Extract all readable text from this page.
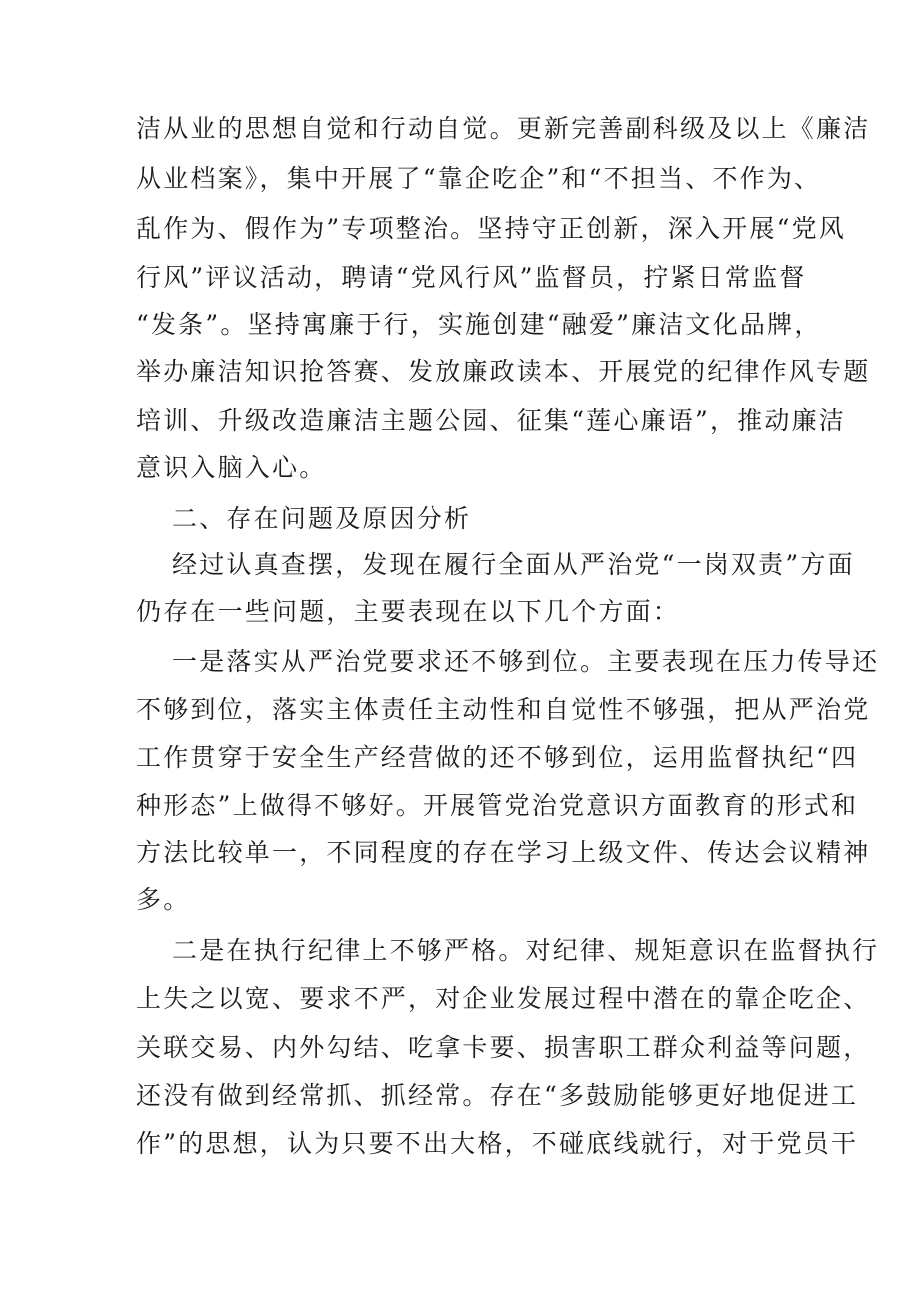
洁从业的思想自觉和行动自觉。更新完善副科级及以上《廉洁
从业档案》，集中开展了“靠企吃企”和“不担当、不作为、
乱作为、假作为”专项整治。坚持守正创新，深入开展“党风
行风”评议活动，聘请“党风行风”监督员，拧紧日常监督
“发条”。坚持寓廉于行，实施创建“融爱”廉洁文化品牌，
举办廉洁知识抢答赛、发放廉政读本、开展党的纪律作风专题
培训、升级改造廉洁主题公园、征集“莲心廉语”，推动廉洁
意识入脑入心。
二、存在问题及原因分析
经过认真查摆，发现在履行全面从严治党“一岗双责”方面
仍存在一些问题，主要表现在以下几个方面：
一是落实从严治党要求还不够到位。主要表现在压力传导还
不够到位，落实主体责任主动性和自觉性不够强，把从严治党
工作贯穿于安全生产经营做的还不够到位，运用监督执纪“四
种形态”上做得不够好。开展管党治党意识方面教育的形式和
方法比较单一，不同程度的存在学习上级文件、传达会议精神
多。
二是在执行纪律上不够严格。对纪律、规矩意识在监督执行
上失之以宽、要求不严，对企业发展过程中潜在的靠企吃企、
关联交易、内外勾结、吃拿卡要、损害职工群众利益等问题，
还没有做到经常抓、抓经常。存在“多鼓励能够更好地促进工
作”的思想，认为只要不出大格，不碰底线就行，对于党员干
